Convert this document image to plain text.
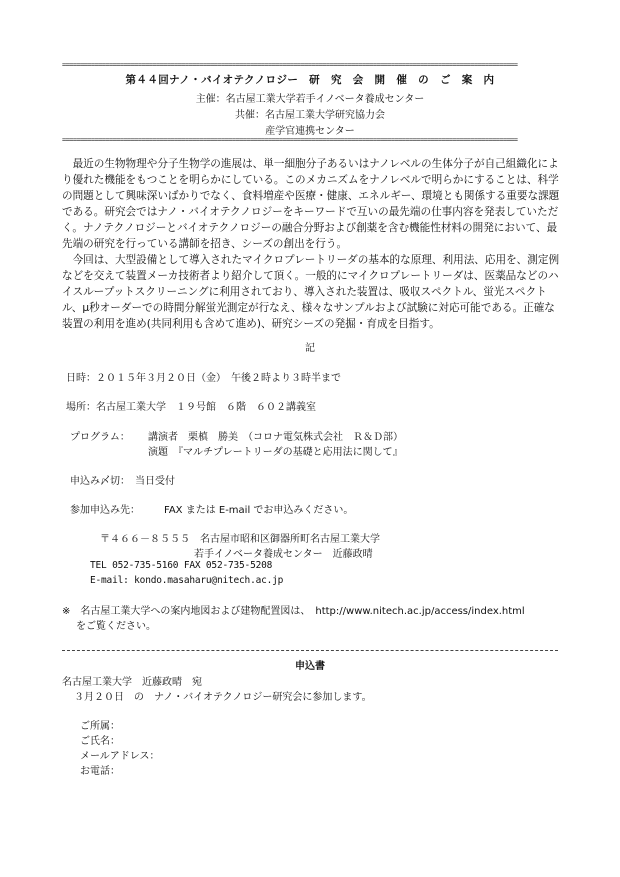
==============================================================================================================================
第４４回ナノ・バイオテクノロジー　研　究　会　開　催　の　ご　案　内
主催：名古屋工業大学若手イノベータ養成センター
共催：名古屋工業大学研究協力会
産学官連携センター
==============================================================================================================================

最近の生物物理や分子生物学の進展は、単一細胞分子あるいはナノレベルの生体分子が自己組織化により優れた機能をもつことを明らかにしている。このメカニズムをナノレベルで明らかにすることは、科学の問題として興味深いばかりでなく、食料増産や医療・健康、エネルギー、環境とも関係する重要な課題である。研究会ではナノ・バイオテクノロジーをキーワードで互いの最先端の仕事内容を発表していただく。ナノテクノロジーとバイオテクノロジーの融合分野および創薬を含む機能性材料の開発において、最先端の研究を行っている講師を招き、シーズの創出を行う。

今回は、大型設備として導入されたマイクロプレートリーダの基本的な原理、利用法、応用を、測定例などを交えて装置メーカ技術者より紹介して頂く。一般的にマイクロプレートリーダは、医薬品などのハイスループットスクリーニングに利用されており、導入された装置は、吸収スペクトル、蛍光スペクトル、μ秒オーダーでの時間分解蛍光測定が行なえ、様々なサンプルおよび試験に対応可能である。正確な装置の利用を進め(共同利用も含めて進め)、研究シーズの発掘・育成を目指す。

記
日時：２０１５年３月２０日（金）　午後２時より３時半まで
場所：名古屋工業大学　１９号館　６階　６０２講義室
プログラム： 講演者　栗槙　勝美　（コロナ電気株式会社　Ｒ＆Ｄ部）
演題　『マルチプレートリーダの基礎と応用法に関して』
申込み〆切：　当日受付
参加申込み先： FAX または E-mail でお申込みください。
〒４６６－８５５５　名古屋市昭和区御器所町名古屋工業大学
若手イノベータ養成センター　近藤政晴
TEL 052-735-5160 FAX 052-735-5208
E-mail: kondo.masaharu@nitech.ac.jp
※　名古屋工業大学への案内地図および建物配置図は、　http://www.nitech.ac.jp/access/index.html
をご覧ください。
申込書
名古屋工業大学　近藤政晴　宛
３月２０日　の　ナノ・バイオテクノロジー研究会に参加します。
ご所属：
ご氏名：
メールアドレス：
お電話：
